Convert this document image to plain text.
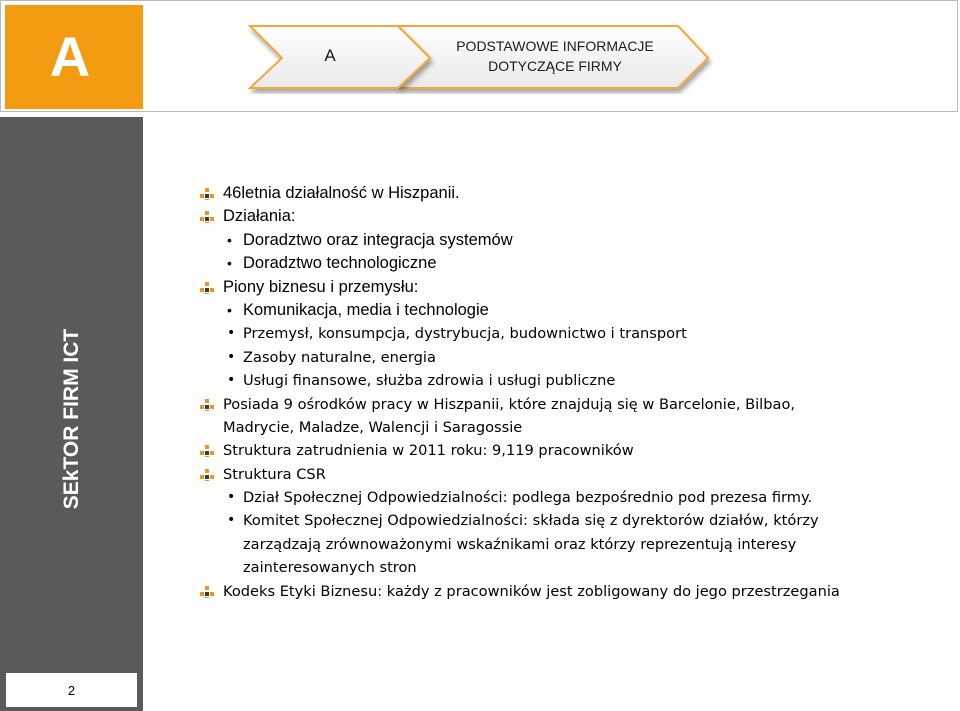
A	A	PODSTAWOWE INFORMACJE
DOTYCZĄCE FIRMY
SEkTOR FIRM ICT
2
46letnia działalność w Hiszpanii.
Działania:
• Doradztwo oraz integracja systemów
• Doradztwo technologiczne
Piony biznesu i przemysłu:
• Komunikacja, media i technologie
• Przemysł, konsumpcja, dystrybucja, budownictwo i transport
• Zasoby naturalne, energia
• Usługi finansowe, służba zdrowia i usługi publiczne
Posiada 9 ośrodków pracy w Hiszpanii, które znajdują się w Barcelonie, Bilbao,
Madrycie, Maladze, Walencji i Saragossie
Struktura zatrudnienia w 2011 roku: 9,119 pracowników
Struktura CSR
• Dział Społecznej Odpowiedzialności: podlega bezpośrednio pod prezesa firmy.
• Komitet Społecznej Odpowiedzialności: składa się z dyrektorów działów, którzy
zarządzają zrównoważonymi wskaźnikami oraz którzy reprezentują interesy
zainteresowanych stron
Kodeks Etyki Biznesu: każdy z pracowników jest zobligowany do jego przestrzegania
